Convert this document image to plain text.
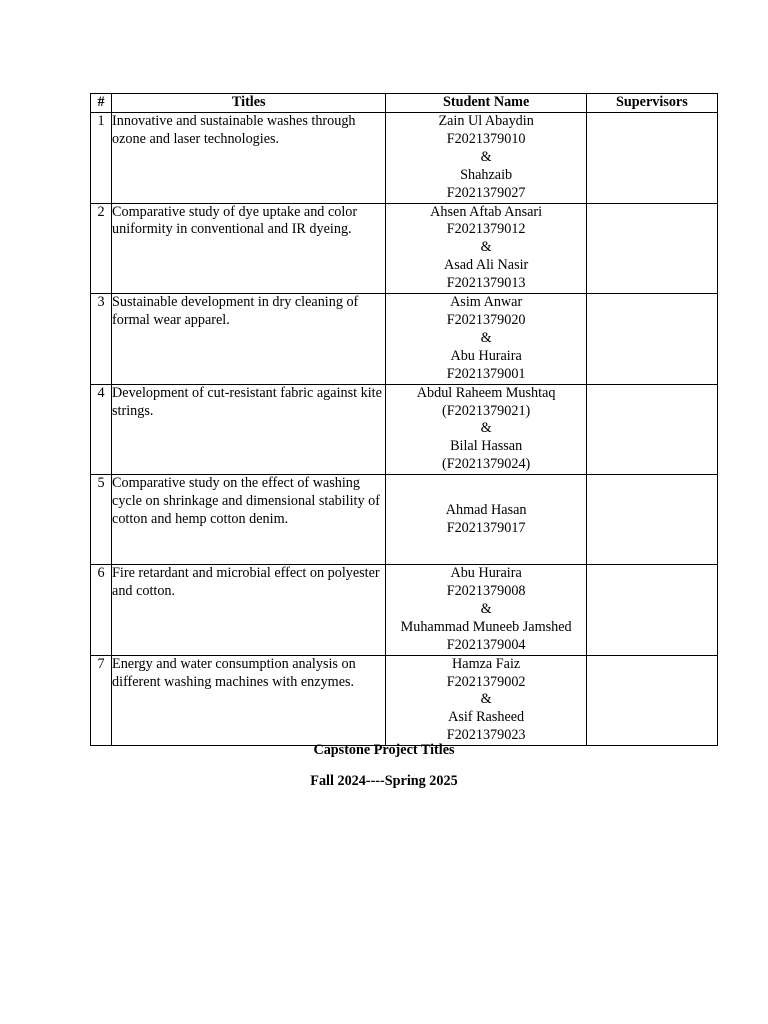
#	Titles	Student Name	Supervisors
1	Innovative and sustainable washes through ozone and laser technologies.	Zain Ul Abaydin
F2021379010
&
Shahzaib
F2021379027	

2	Comparative study of dye uptake and color uniformity in conventional and IR dyeing.	Ahsen Aftab Ansari
F2021379012
&
Asad Ali Nasir
F2021379013	

3	Sustainable development in dry cleaning of formal wear apparel.	Asim Anwar
F2021379020
&
Abu Huraira
F2021379001	

4	Development of cut-resistant fabric against kite strings.	Abdul Raheem Mushtaq
(F2021379021)
&
Bilal Hassan
(F2021379024)	

5	Comparative study on the effect of washing cycle on shrinkage and dimensional stability of cotton and hemp cotton denim.	Ahmad Hasan
F2021379017	

6	Fire retardant and microbial effect on polyester and cotton.	Abu Huraira
F2021379008
&
Muhammad Muneeb Jamshed
F2021379004	

7	Energy and water consumption analysis on different washing machines with enzymes.	Hamza Faiz
F2021379002
&
Asif Rasheed
F2021379023	

Capstone Project Titles
Fall 2024----Spring 2025
